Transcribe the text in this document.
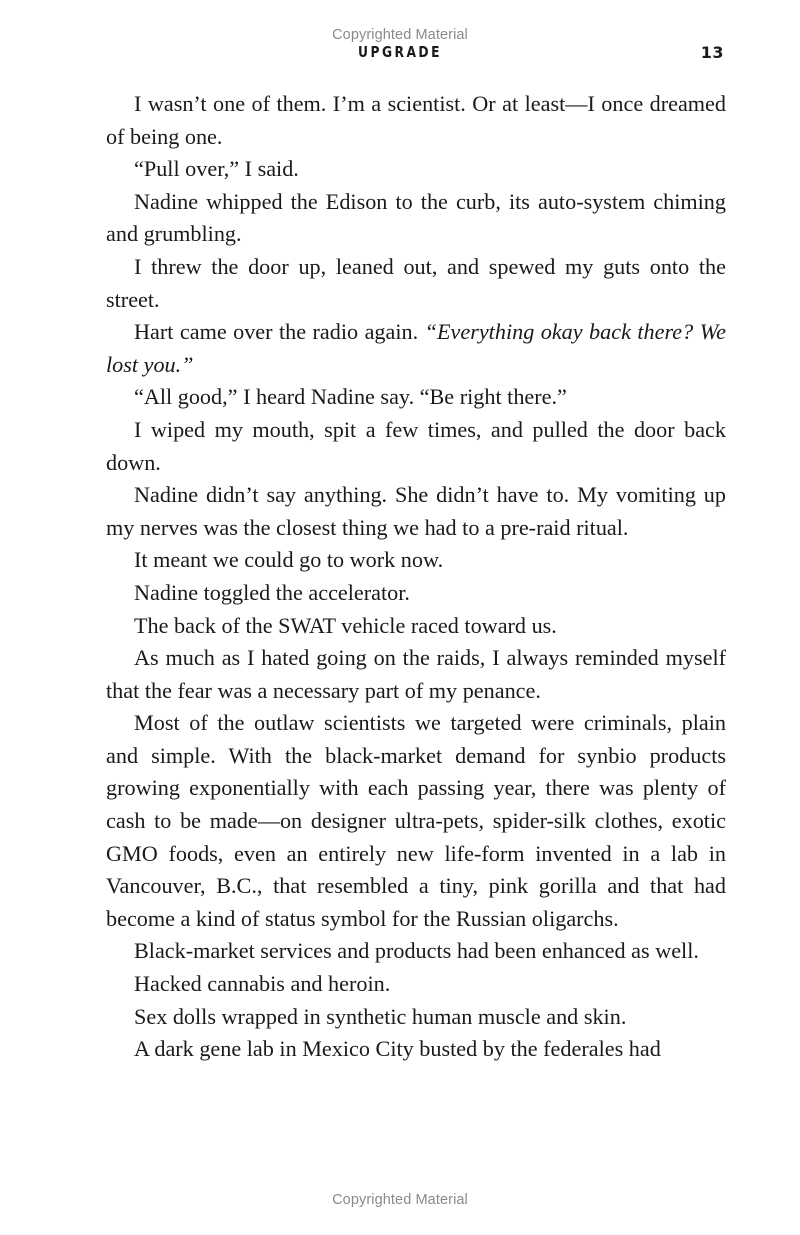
Copyrighted Material
UPGRADE	13

I wasn’t one of them. I’m a scientist. Or at least—I once dreamed of being one.

“Pull over,” I said.

Nadine whipped the Edison to the curb, its auto-system chiming and grumbling.

I threw the door up, leaned out, and spewed my guts onto the street.

Hart came over the radio again. “Everything okay back there? We lost you.”

“All good,” I heard Nadine say. “Be right there.”

I wiped my mouth, spit a few times, and pulled the door back down.

Nadine didn’t say anything. She didn’t have to. My vomiting up my nerves was the closest thing we had to a pre-raid ritual.

It meant we could go to work now.

Nadine toggled the accelerator.

The back of the SWAT vehicle raced toward us.

As much as I hated going on the raids, I always reminded myself that the fear was a necessary part of my penance.

Most of the outlaw scientists we targeted were criminals, plain and simple. With the black-market demand for synbio products growing exponentially with each passing year, there was plenty of cash to be made—on designer ultra-pets, spider-silk clothes, exotic GMO foods, even an entirely new life-form invented in a lab in Vancouver, B.C., that resembled a tiny, pink gorilla and that had become a kind of status symbol for the Russian oligarchs.

Black-market services and products had been enhanced as well.

Hacked cannabis and heroin.

Sex dolls wrapped in synthetic human muscle and skin.

A dark gene lab in Mexico City busted by the federales had

Copyrighted Material
